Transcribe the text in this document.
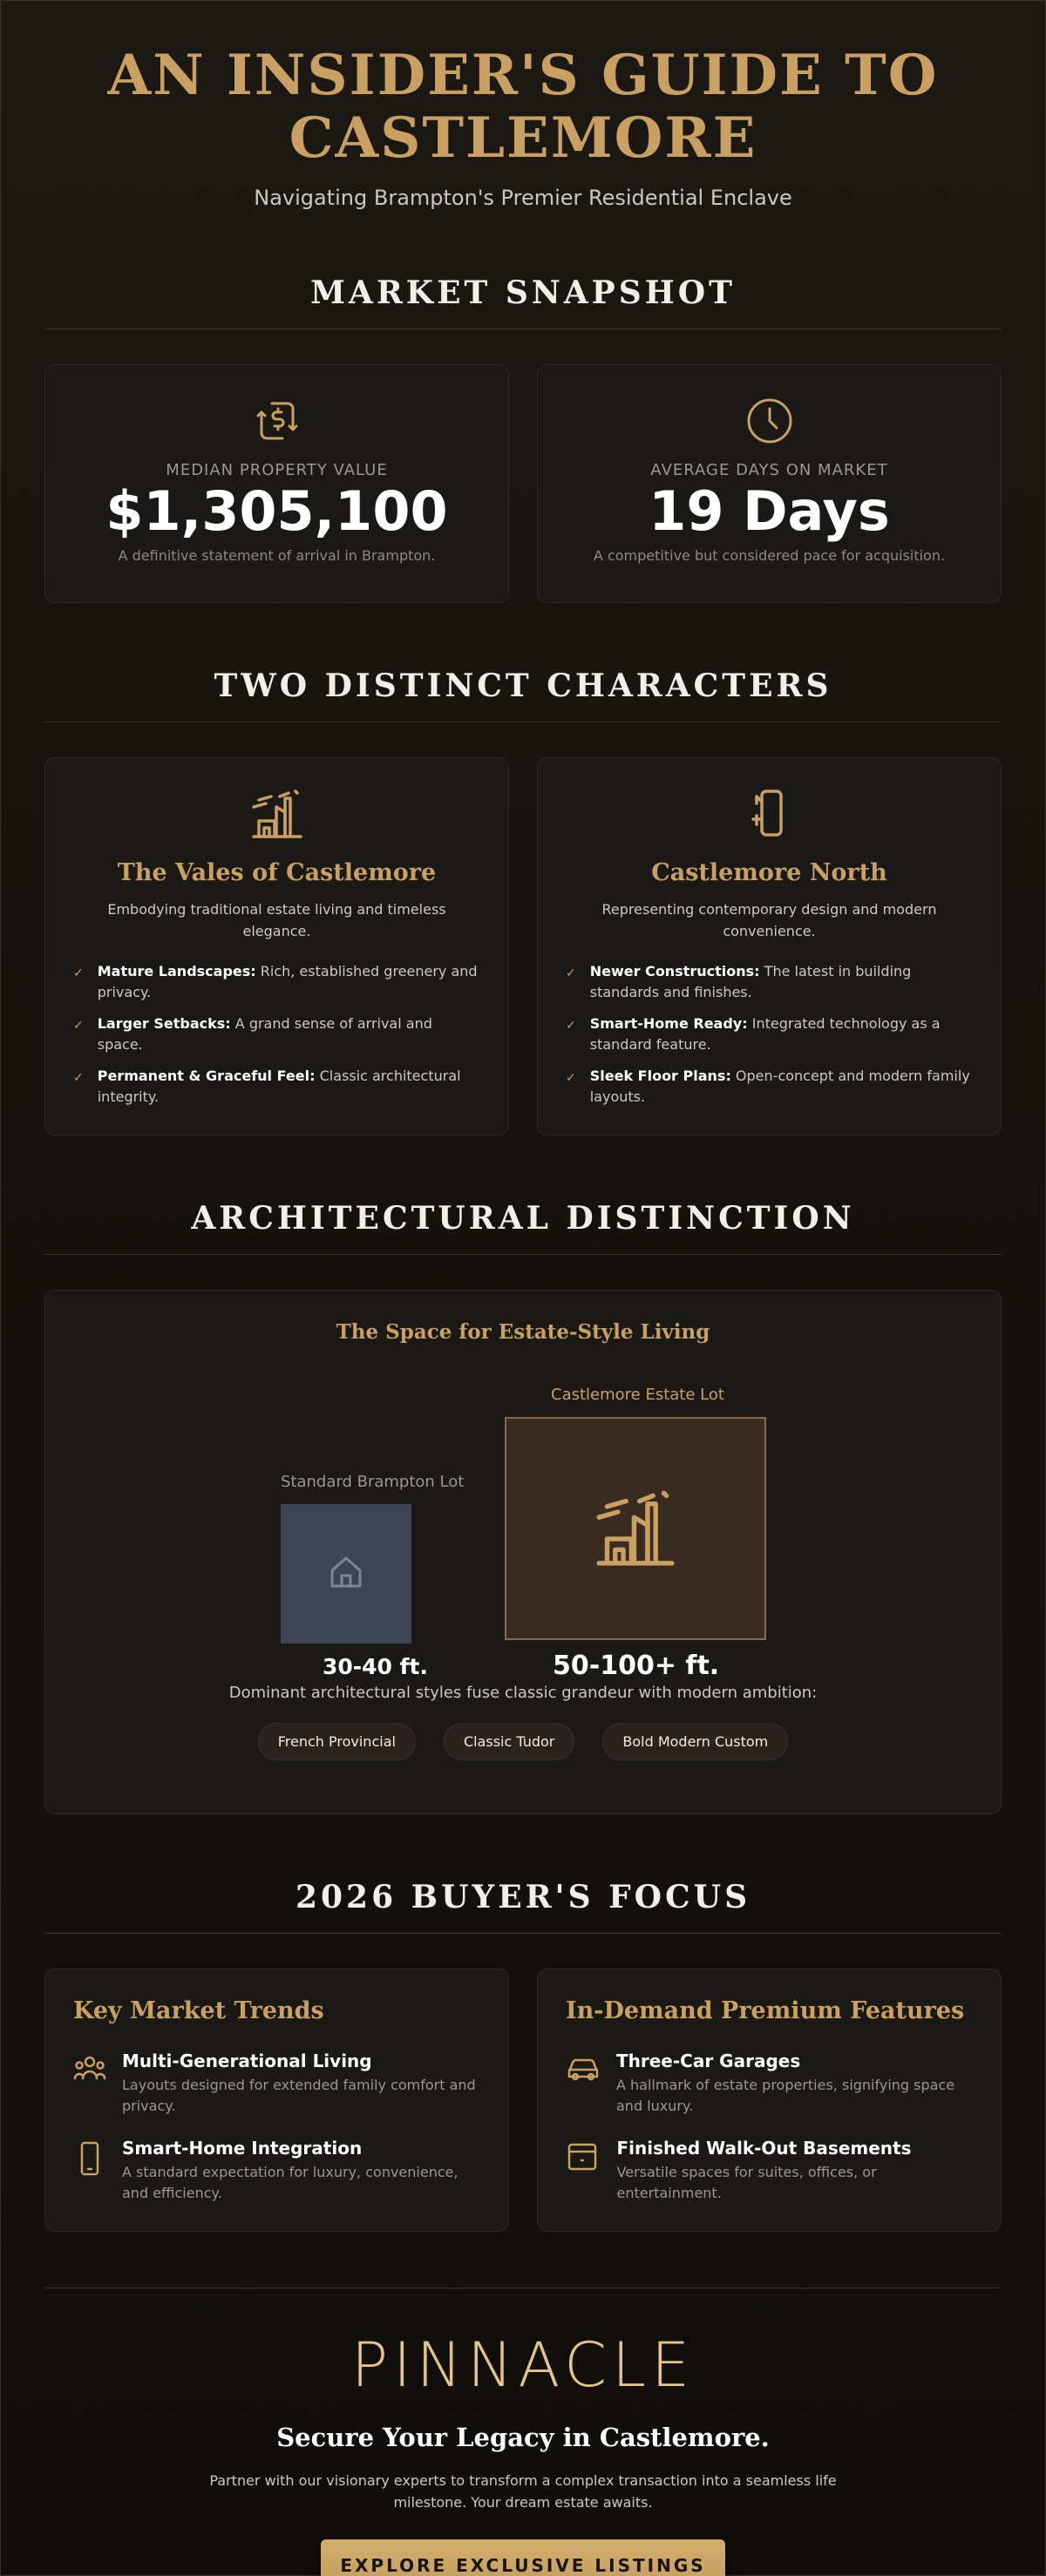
AN INSIDER'S GUIDE TO
CASTLEMORE

Navigating Brampton's Premier Residential Enclave

MARKET SNAPSHOT
MEDIAN PROPERTY VALUE
$1,305,100
A definitive statement of arrival in Brampton.
AVERAGE DAYS ON MARKET
19 Days
A competitive but considered pace for acquisition.
TWO DISTINCT CHARACTERS
The Vales of Castlemore

Embodying traditional estate living and timeless elegance.

✓ Mature Landscapes: Rich, established greenery and privacy.
✓ Larger Setbacks: A grand sense of arrival and space.
✓ Permanent & Graceful Feel: Classic architectural integrity.
Castlemore North

Representing contemporary design and modern convenience.

✓ Newer Constructions: The latest in building standards and finishes.
✓ Smart-Home Ready: Integrated technology as a standard feature.
✓ Sleek Floor Plans: Open-concept and modern family layouts.
ARCHITECTURAL DISTINCTION
The Space for Estate-Style Living
Standard Brampton Lot
30-40 ft.
Castlemore Estate Lot
50-100+ ft.

Dominant architectural styles fuse classic grandeur with modern ambition:

French Provincial	Classic Tudor	Bold Modern Custom
2026 BUYER'S FOCUS
Key Market Trends
Multi-Generational Living
Layouts designed for extended family comfort and privacy.
Smart-Home Integration
A standard expectation for luxury, convenience, and efficiency.
In-Demand Premium Features
Three-Car Garages
A hallmark of estate properties, signifying space and luxury.
Finished Walk-Out Basements
Versatile spaces for suites, offices, or entertainment.
PINNACLE
Secure Your Legacy in Castlemore.

Partner with our visionary experts to transform a complex transaction into a seamless life milestone. Your dream estate awaits.

EXPLORE EXCLUSIVE LISTINGS
